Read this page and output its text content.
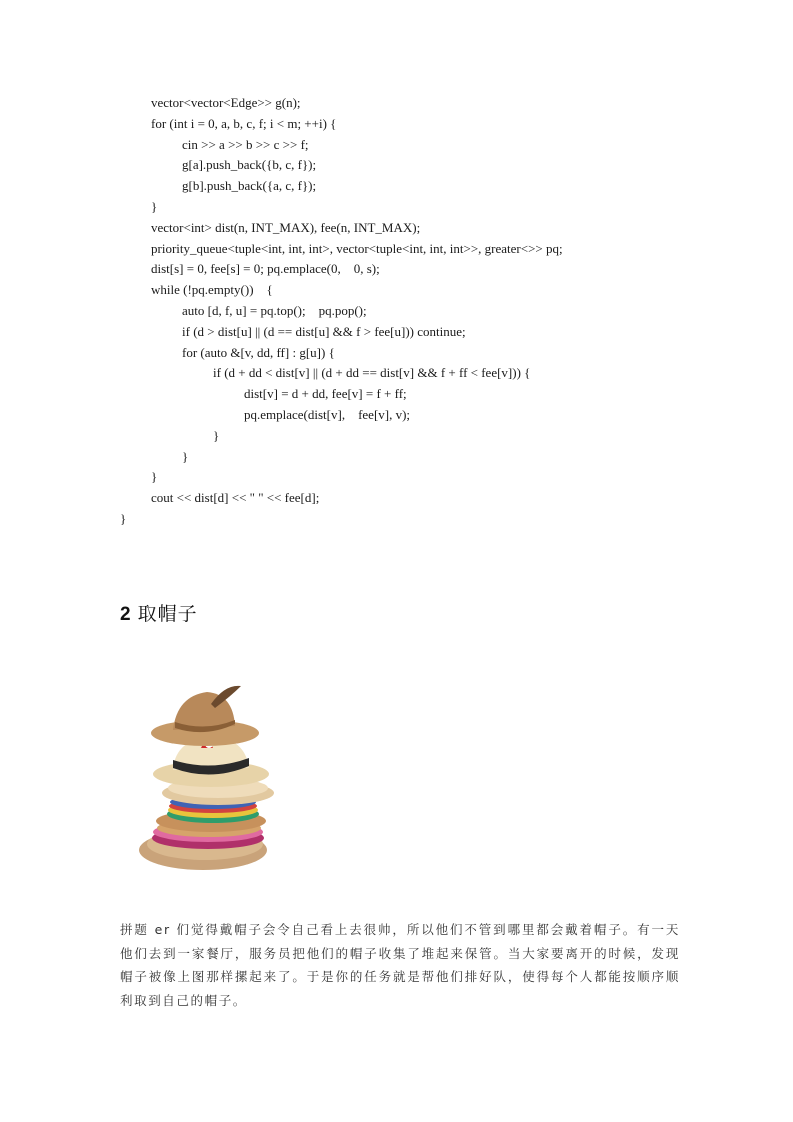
vector<vector<Edge>> g(n);
for (int i = 0, a, b, c, f; i < m; ++i) {
cin >> a >> b >> c >> f;
g[a].push_back({b, c, f});
g[b].push_back({a, c, f});
}
vector<int> dist(n, INT_MAX), fee(n, INT_MAX);
priority_queue<tuple<int, int, int>, vector<tuple<int, int, int>>, greater<>> pq;
dist[s] = 0, fee[s] = 0; pq.emplace(0,    0, s);
while (!pq.empty())    {
auto [d, f, u] = pq.top();    pq.pop();
if (d > dist[u] || (d == dist[u] && f > fee[u])) continue;
for (auto &[v, dd, ff] : g[u]) {
if (d + dd < dist[v] || (d + dd == dist[v] && f + ff < fee[v])) {
dist[v] = d + dd, fee[v] = f + ff;
pq.emplace(dist[v],    fee[v], v);
}
}
}
cout << dist[d] << " " << fee[d];
}
2 取帽子
拼题 er 们觉得戴帽子会令自己看上去很帅，所以他们不管到哪里都会戴着帽子。有一天他们去到一家餐厅，服务员把他们的帽子收集了堆起来保管。当大家要离开的时候，发现帽子被像上图那样摞起来了。于是你的任务就是帮他们排好队，使得每个人都能按顺序顺利取到自己的帽子。
